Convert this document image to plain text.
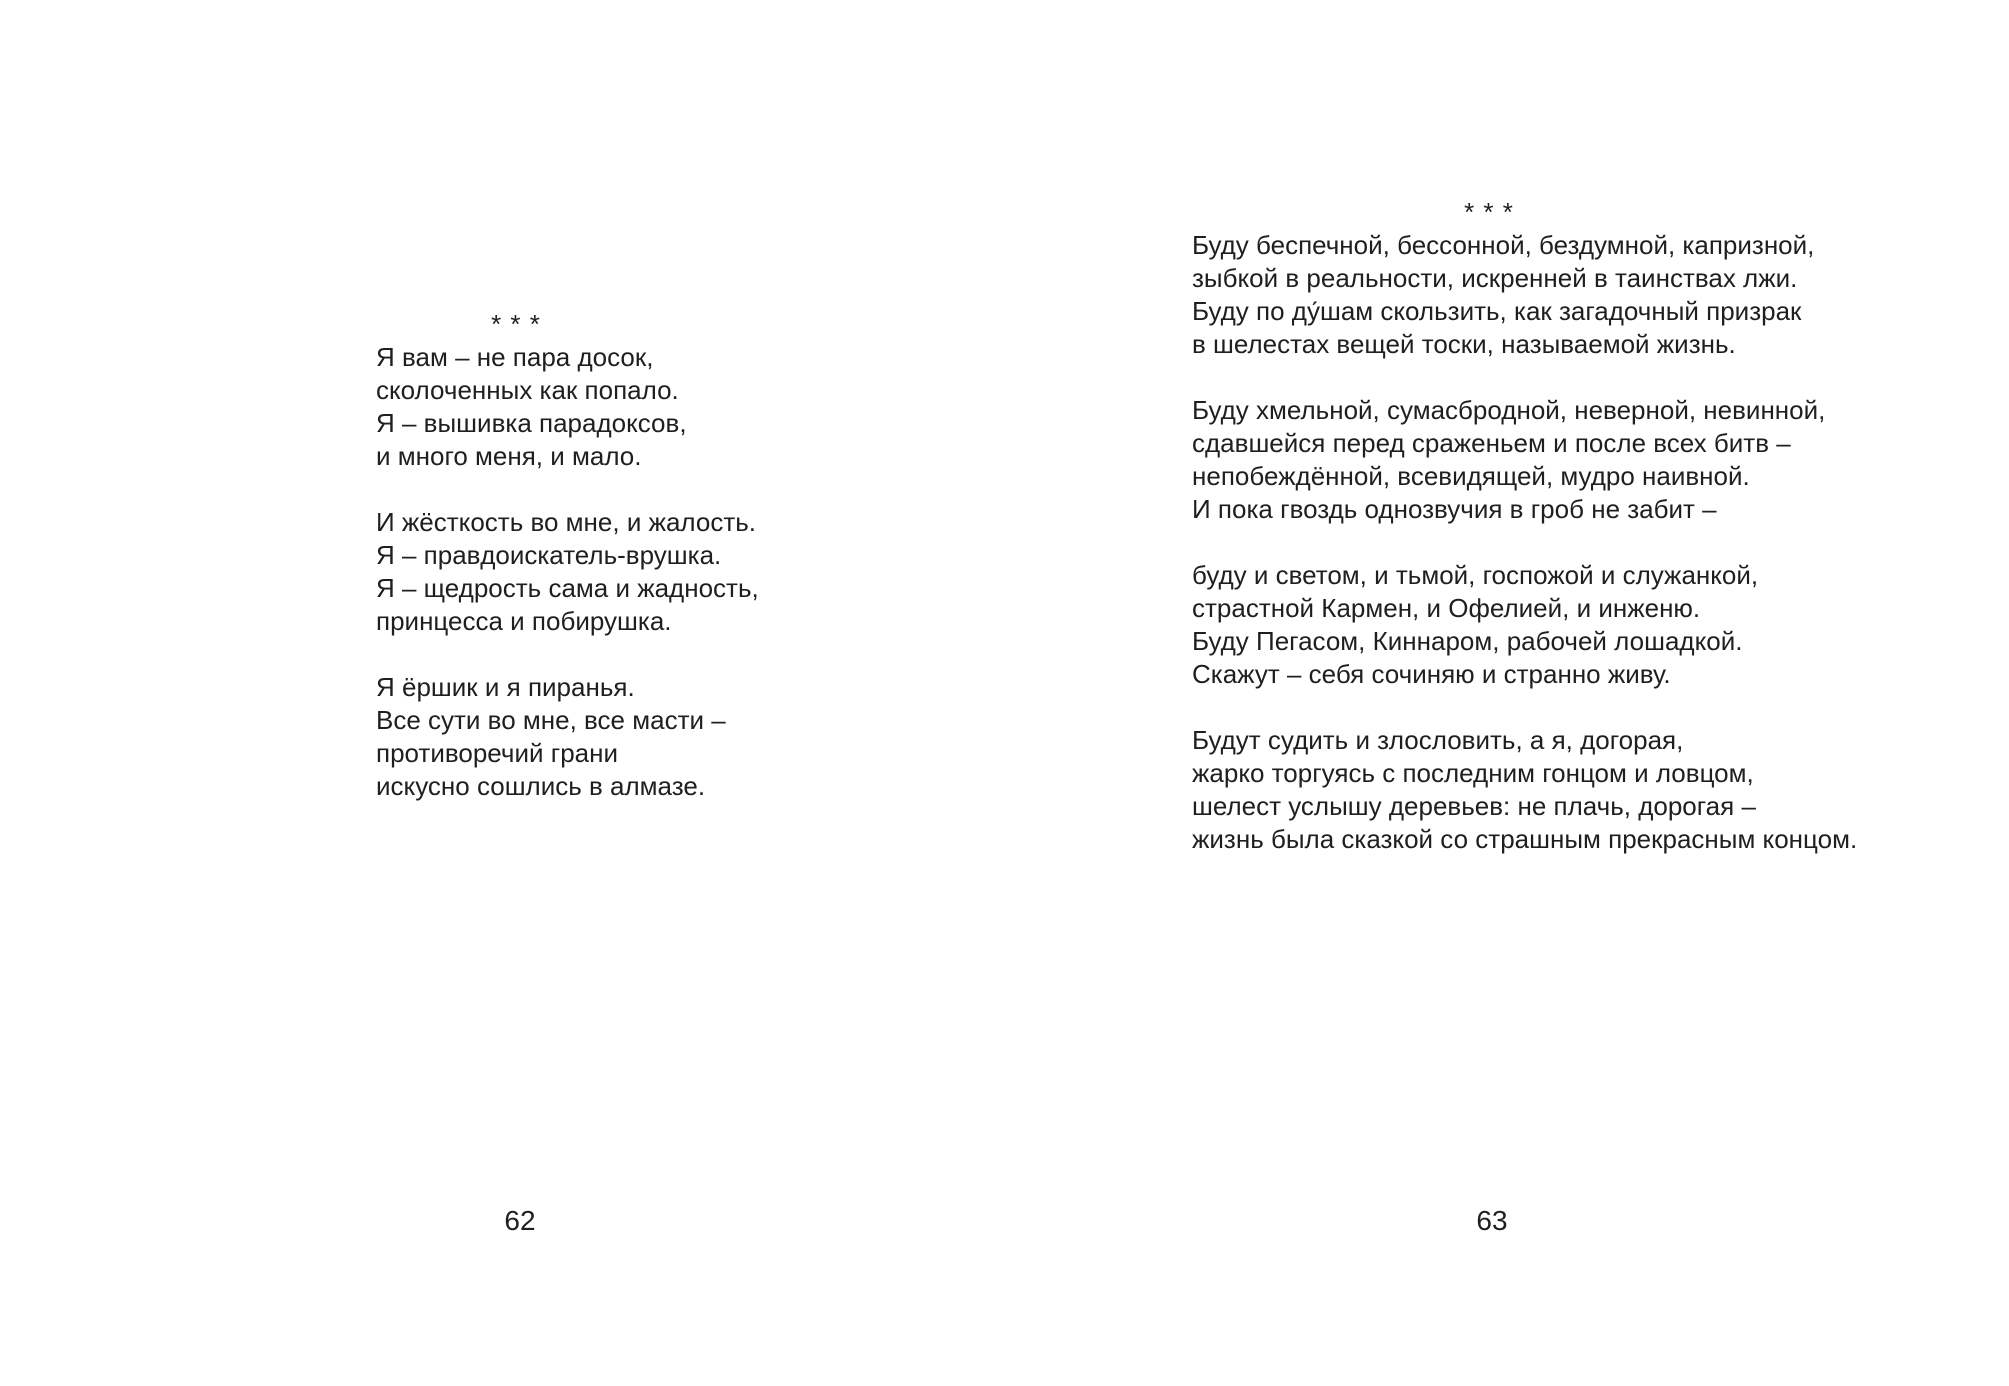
* * *

Я вам – не пара досок,
сколоченных как попало.
Я – вышивка парадоксов,
и много меня, и мало.

И жёсткость во мне, и жалость.
Я – правдоискатель-врушка.
Я – щедрость сама и жадность,
принцесса и побирушка.

Я ёршик и я пиранья.
Все сути во мне, все масти –
противоречий грани
искусно сошлись в алмазе.

* * *

Буду беспечной, бессонной, бездумной, капризной,
зыбкой в реальности, искренней в таинствах лжи.
Буду по ду́шам скользить, как загадочный призрак
в шелестах вещей тоски, называемой жизнь.

Буду хмельной, сумасбродной, неверной, невинной,
сдавшейся перед сраженьем и после всех битв –
непобеждённой, всевидящей, мудро наивной.
И пока гвоздь однозвучия в гроб не забит –

буду и светом, и тьмой, госпожой и служанкой,
страстной Кармен, и Офелией, и инженю.
Буду Пегасом, Киннаром, рабочей лошадкой.
Скажут – себя сочиняю и странно живу.

Будут судить и злословить, а я, догорая,
жарко торгуясь с последним гонцом и ловцом,
шелест услышу деревьев: не плачь, дорогая –
жизнь была сказкой со страшным прекрасным концом.

62	63
